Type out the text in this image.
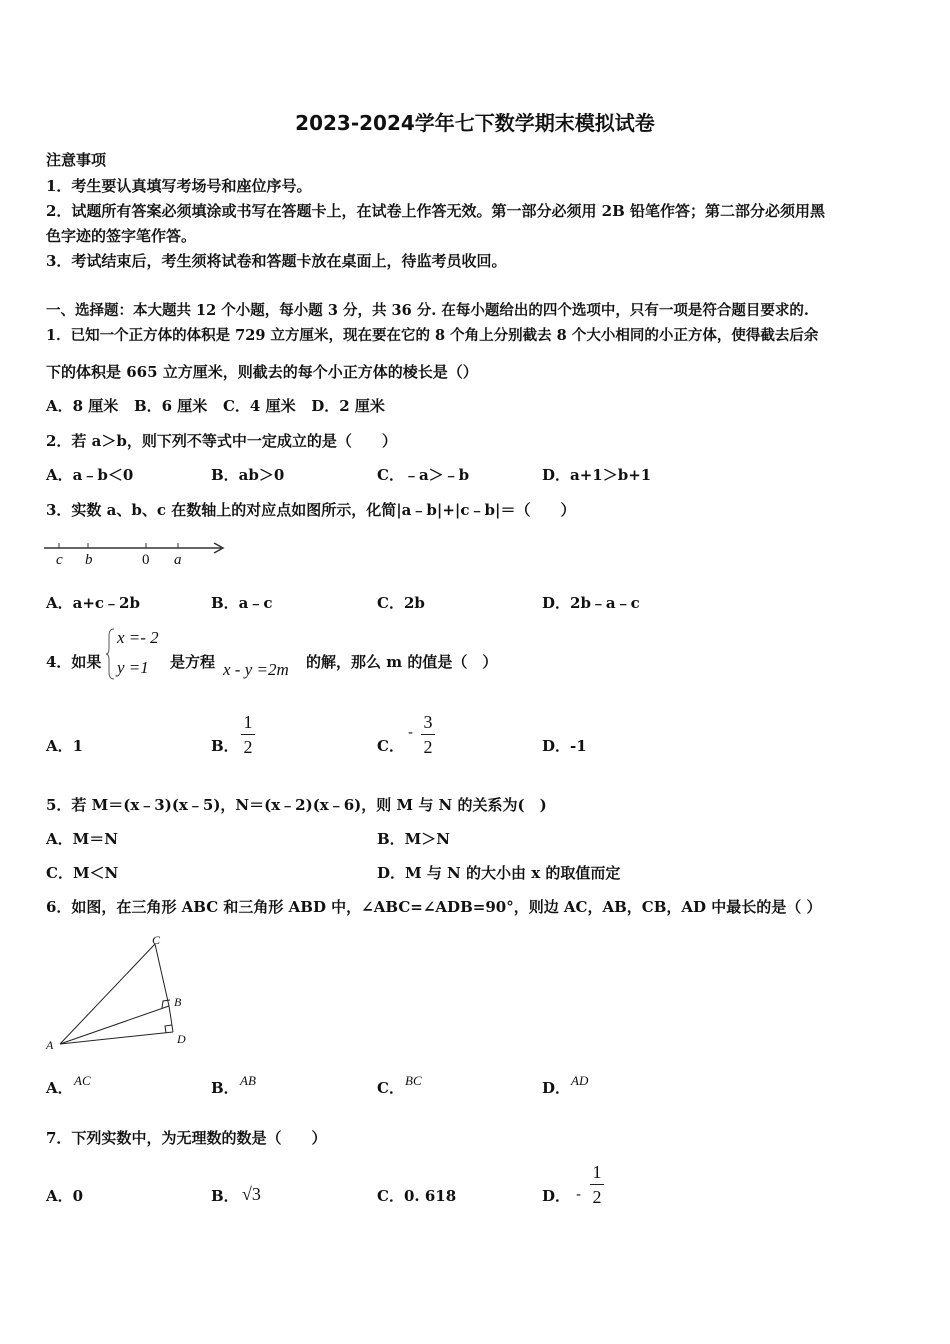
2023-2024学年七下数学期末模拟试卷
注意事项
1．考生要认真填写考场号和座位序号。
2．试题所有答案必须填涂或书写在答题卡上，在试卷上作答无效。第一部分必须用 2B 铅笔作答；第二部分必须用黑
色字迹的签字笔作答。
3．考试结束后，考生须将试卷和答题卡放在桌面上，待监考员收回。
一、选择题：本大题共 12 个小题，每小题 3 分，共 36 分. 在每小题给出的四个选项中，只有一项是符合题目要求的.
1．已知一个正方体的体积是 729 立方厘米，现在要在它的 8 个角上分别截去 8 个大小相同的小正方体，使得截去后余
下的体积是 665 立方厘米，则截去的每个小正方体的棱长是（）
A．8 厘米   B．6 厘米   C．4 厘米   D．2 厘米
2．若 a＞b，则下列不等式中一定成立的是（　　）
A．a﹣b＜0	B．ab＞0	C．﹣a＞﹣b	D．a+1＞b+1
3．实数 a、b、c 在数轴上的对应点如图所示，化简|a﹣b|+|c﹣b|＝（　　）
c b	0 a
A．a+c﹣2b	B．a﹣c	C．2b	D．2b﹣a﹣c
4．如果
x =- 2
y =1 是方程 x - y =2m 的解，那么 m 的值是（　）
A．1	B．
1
2	C．
- 3
2	D．-1
5．若 M＝(x﹣3)(x﹣5)，N＝(x﹣2)(x﹣6)，则 M 与 N 的关系为(　)
A．M＝N	B．M＞N
C．M＜N	D．M 与 N 的大小由 x 的取值而定
6．如图，在三角形 ABC 和三角形 ABD 中，∠ABC=∠ADB=90°，则边 AC，AB，CB，AD 中最长的是（ ）
A
B
C
D
A． AC	B． AB	C． BC	D． AD
7．下列实数中，为无理数的数是（　　）
A．0	B． √3	C．0. 618	D． -
1
2
